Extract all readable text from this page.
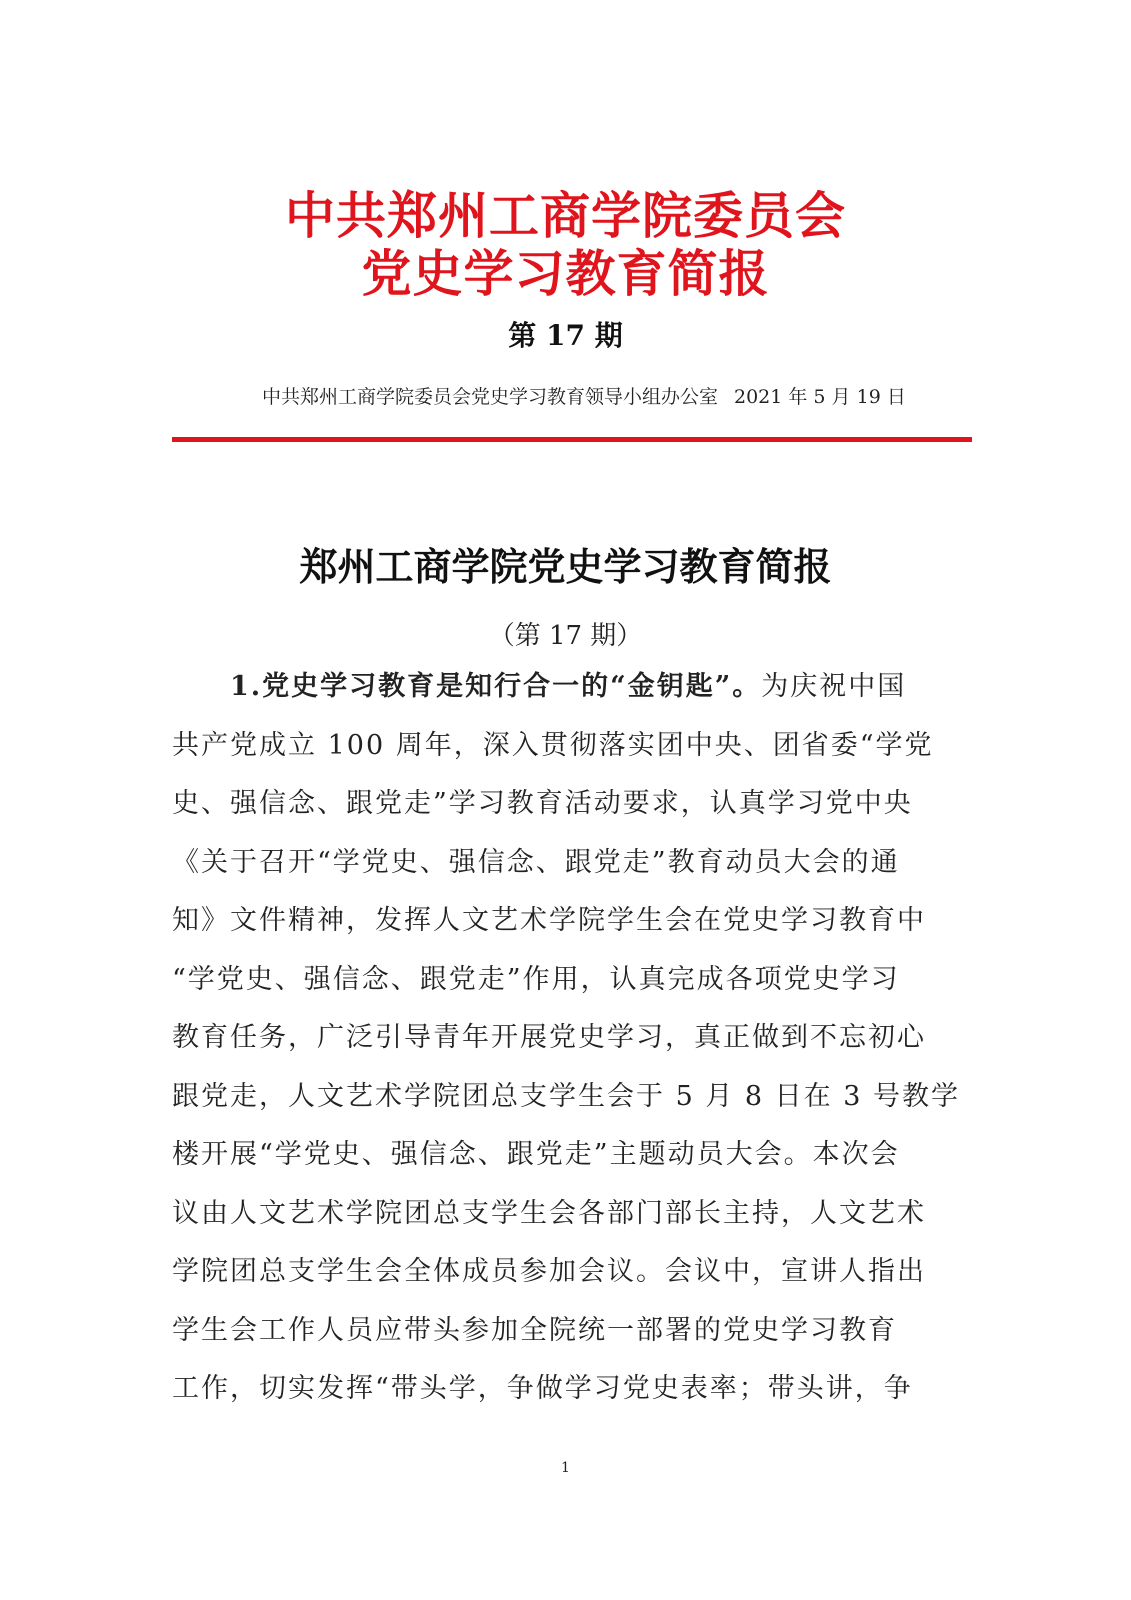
中共郑州工商学院委员会
党史学习教育简报
第 17 期
中共郑州工商学院委员会党史学习教育领导小组办公室 2021 年 5 月 19 日
郑州工商学院党史学习教育简报
（第 17 期）
1.党史学习教育是知行合一的“金钥匙”。为庆祝中国
共产党成立 100 周年，深入贯彻落实团中央、团省委“学党
史、强信念、跟党走”学习教育活动要求，认真学习党中央
《关于召开“学党史、强信念、跟党走”教育动员大会的通
知》文件精神，发挥人文艺术学院学生会在党史学习教育中
“学党史、强信念、跟党走”作用，认真完成各项党史学习
教育任务，广泛引导青年开展党史学习，真正做到不忘初心
跟党走，人文艺术学院团总支学生会于 5 月 8 日在 3 号教学
楼开展“学党史、强信念、跟党走”主题动员大会。本次会
议由人文艺术学院团总支学生会各部门部长主持，人文艺术
学院团总支学生会全体成员参加会议。会议中，宣讲人指出
学生会工作人员应带头参加全院统一部署的党史学习教育
工作，切实发挥“带头学，争做学习党史表率；带头讲，争
1
